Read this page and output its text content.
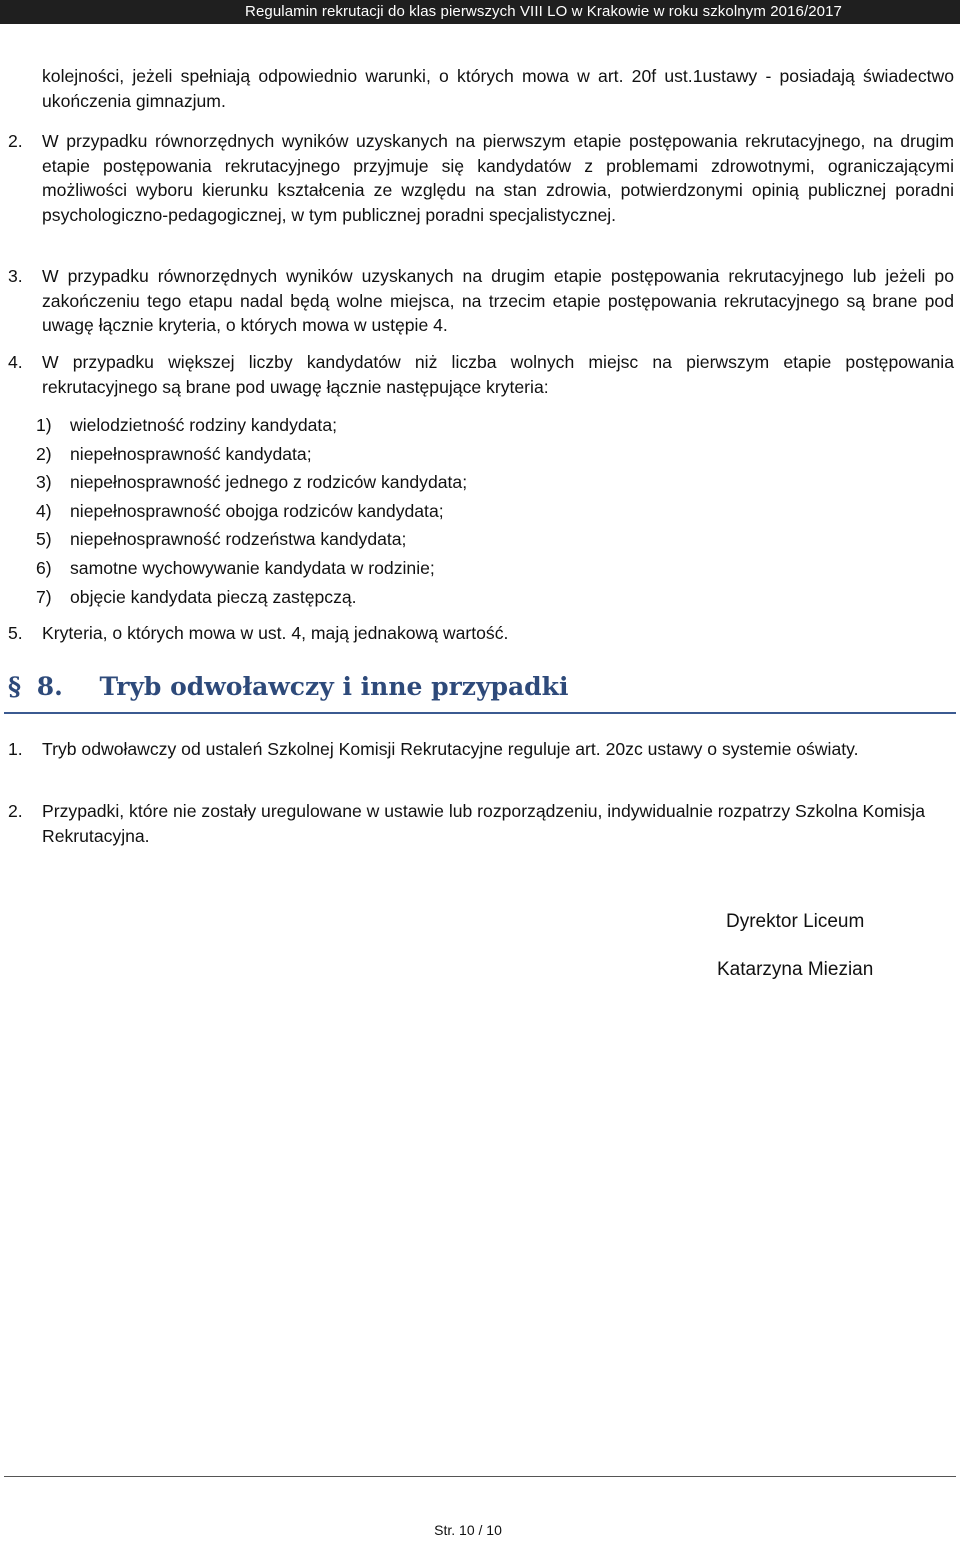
Regulamin rekrutacji do klas pierwszych VIII LO w Krakowie w roku szkolnym 2016/2017
kolejności, jeżeli spełniają odpowiednio warunki, o których mowa w art. 20f ust.1ustawy - posiadają świadectwo ukończenia gimnazjum.
2. W przypadku równorzędnych wyników uzyskanych na pierwszym etapie postępowania rekrutacyjnego, na drugim etapie postępowania rekrutacyjnego przyjmuje się kandydatów z problemami zdrowotnymi, ograniczającymi możliwości wyboru kierunku kształcenia ze względu na stan zdrowia, potwierdzonymi opinią publicznej poradni psychologiczno-pedagogicznej, w tym publicznej poradni specjalistycznej.
3. W przypadku równorzędnych wyników uzyskanych na drugim etapie postępowania rekrutacyjnego lub jeżeli po zakończeniu tego etapu nadal będą wolne miejsca, na trzecim etapie postępowania rekrutacyjnego są brane pod uwagę łącznie kryteria, o których mowa w ustępie 4.
4. W przypadku większej liczby kandydatów niż liczba wolnych miejsc na pierwszym etapie postępowania rekrutacyjnego są brane pod uwagę łącznie następujące kryteria:
1) wielodzietność rodziny kandydata;
2) niepełnosprawność kandydata;
3) niepełnosprawność jednego z rodziców kandydata;
4) niepełnosprawność obojga rodziców kandydata;
5) niepełnosprawność rodzeństwa kandydata;
6) samotne wychowywanie kandydata w rodzinie;
7) objęcie kandydata pieczą zastępczą.
5. Kryteria, o których mowa w ust. 4, mają jednakową wartość.
§ 8. Tryb odwoławczy i inne przypadki
1. Tryb odwoławczy od ustaleń Szkolnej Komisji Rekrutacyjne reguluje art. 20zc ustawy o systemie oświaty.
2. Przypadki, które nie zostały uregulowane w ustawie lub rozporządzeniu, indywidualnie rozpatrzy Szkolna Komisja Rekrutacyjna.
Dyrektor Liceum
Katarzyna Miezian
Str. 10 / 10
